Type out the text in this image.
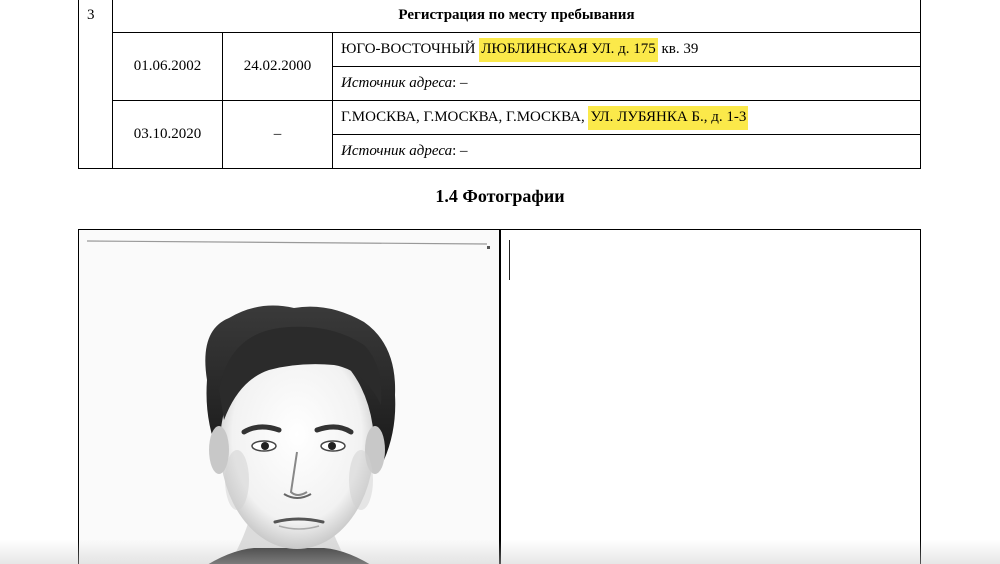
3	Регистрация по месту пребывания		
	01.06.2002	24.02.2000	ЮГО-ВОСТОЧНЫЙ ЛЮБЛИНСКАЯ УЛ. д. 175 кв. 39
			Источник адреса: –
	03.10.2020	–	Г.МОСКВА, Г.МОСКВА, Г.МОСКВА, УЛ. ЛУБЯНКА Б., д. 1-3
			Источник адреса: –
1.4 Фотографии
